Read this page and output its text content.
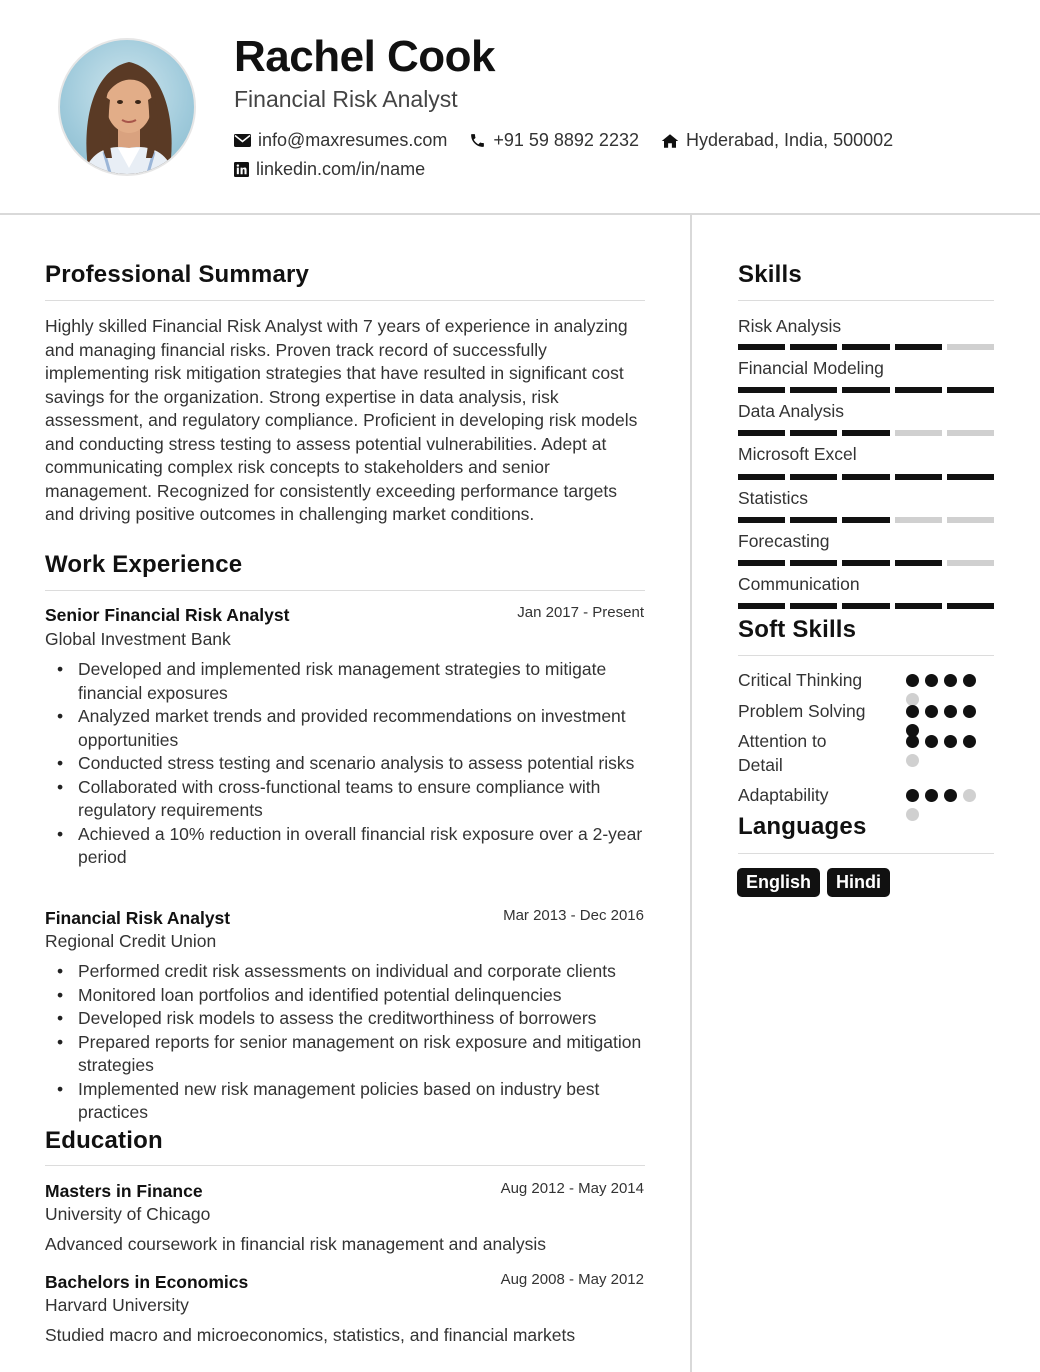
Rachel Cook
Financial Risk Analyst
info@maxresumes.com	+91 59 8892 2232	Hyderabad, India, 500002
linkedin.com/in/name
Professional Summary
Highly skilled Financial Risk Analyst with 7 years of experience in analyzing and managing financial risks. Proven track record of successfully implementing risk mitigation strategies that have resulted in significant cost savings for the organization. Strong expertise in data analysis, risk assessment, and regulatory compliance. Proficient in developing risk models and conducting stress testing to assess potential vulnerabilities. Adept at communicating complex risk concepts to stakeholders and senior management. Recognized for consistently exceeding performance targets and driving positive outcomes in challenging market conditions.
Work Experience
Senior Financial Risk Analyst	Jan 2017 - Present
Global Investment Bank
• Developed and implemented risk management strategies to mitigate financial exposures
• Analyzed market trends and provided recommendations on investment opportunities
• Conducted stress testing and scenario analysis to assess potential risks
• Collaborated with cross-functional teams to ensure compliance with regulatory requirements
• Achieved a 10% reduction in overall financial risk exposure over a 2-year period
Financial Risk Analyst	Mar 2013 - Dec 2016
Regional Credit Union
• Performed credit risk assessments on individual and corporate clients
• Monitored loan portfolios and identified potential delinquencies
• Developed risk models to assess the creditworthiness of borrowers
• Prepared reports for senior management on risk exposure and mitigation strategies
• Implemented new risk management policies based on industry best practices
Education
Masters in Finance	Aug 2012 - May 2014
University of Chicago
Advanced coursework in financial risk management and analysis
Bachelors in Economics	Aug 2008 - May 2012
Harvard University
Studied macro and microeconomics, statistics, and financial markets
Skills
Risk Analysis
Financial Modeling
Data Analysis
Microsoft Excel
Statistics
Forecasting
Communication
Soft Skills
Critical Thinking
Problem Solving
Attention to Detail
Adaptability
Languages
English	Hindi
